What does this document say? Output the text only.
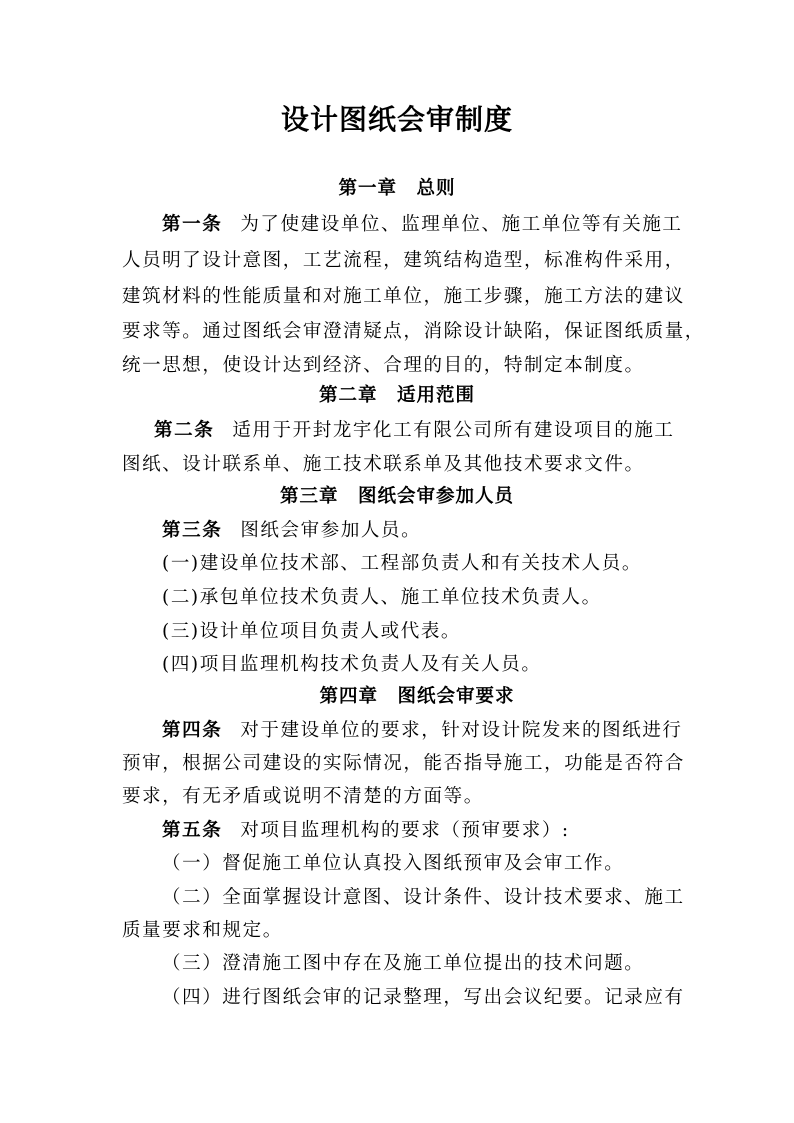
设计图纸会审制度
第一章　总则
第一条 为了使建设单位、监理单位、施工单位等有关施工
人员明了设计意图，工艺流程，建筑结构造型，标准构件采用，
建筑材料的性能质量和对施工单位，施工步骤，施工方法的建议
要求等。通过图纸会审澄清疑点，消除设计缺陷，保证图纸质量，
统一思想，使设计达到经济、合理的目的，特制定本制度。
第二章　适用范围
第二条 适用于开封龙宇化工有限公司所有建设项目的施工
图纸、设计联系单、施工技术联系单及其他技术要求文件。
第三章　图纸会审参加人员
第三条 图纸会审参加人员。
(一)建设单位技术部、工程部负责人和有关技术人员。
(二)承包单位技术负责人、施工单位技术负责人。
(三)设计单位项目负责人或代表。
(四)项目监理机构技术负责人及有关人员。
第四章　图纸会审要求
第四条 对于建设单位的要求，针对设计院发来的图纸进行
预审，根据公司建设的实际情况，能否指导施工，功能是否符合
要求，有无矛盾或说明不清楚的方面等。
第五条 对项目监理机构的要求（预审要求）:
（一）督促施工单位认真投入图纸预审及会审工作。
（二）全面掌握设计意图、设计条件、设计技术要求、施工
质量要求和规定。
（三）澄清施工图中存在及施工单位提出的技术问题。
（四）进行图纸会审的记录整理，写出会议纪要。记录应有
